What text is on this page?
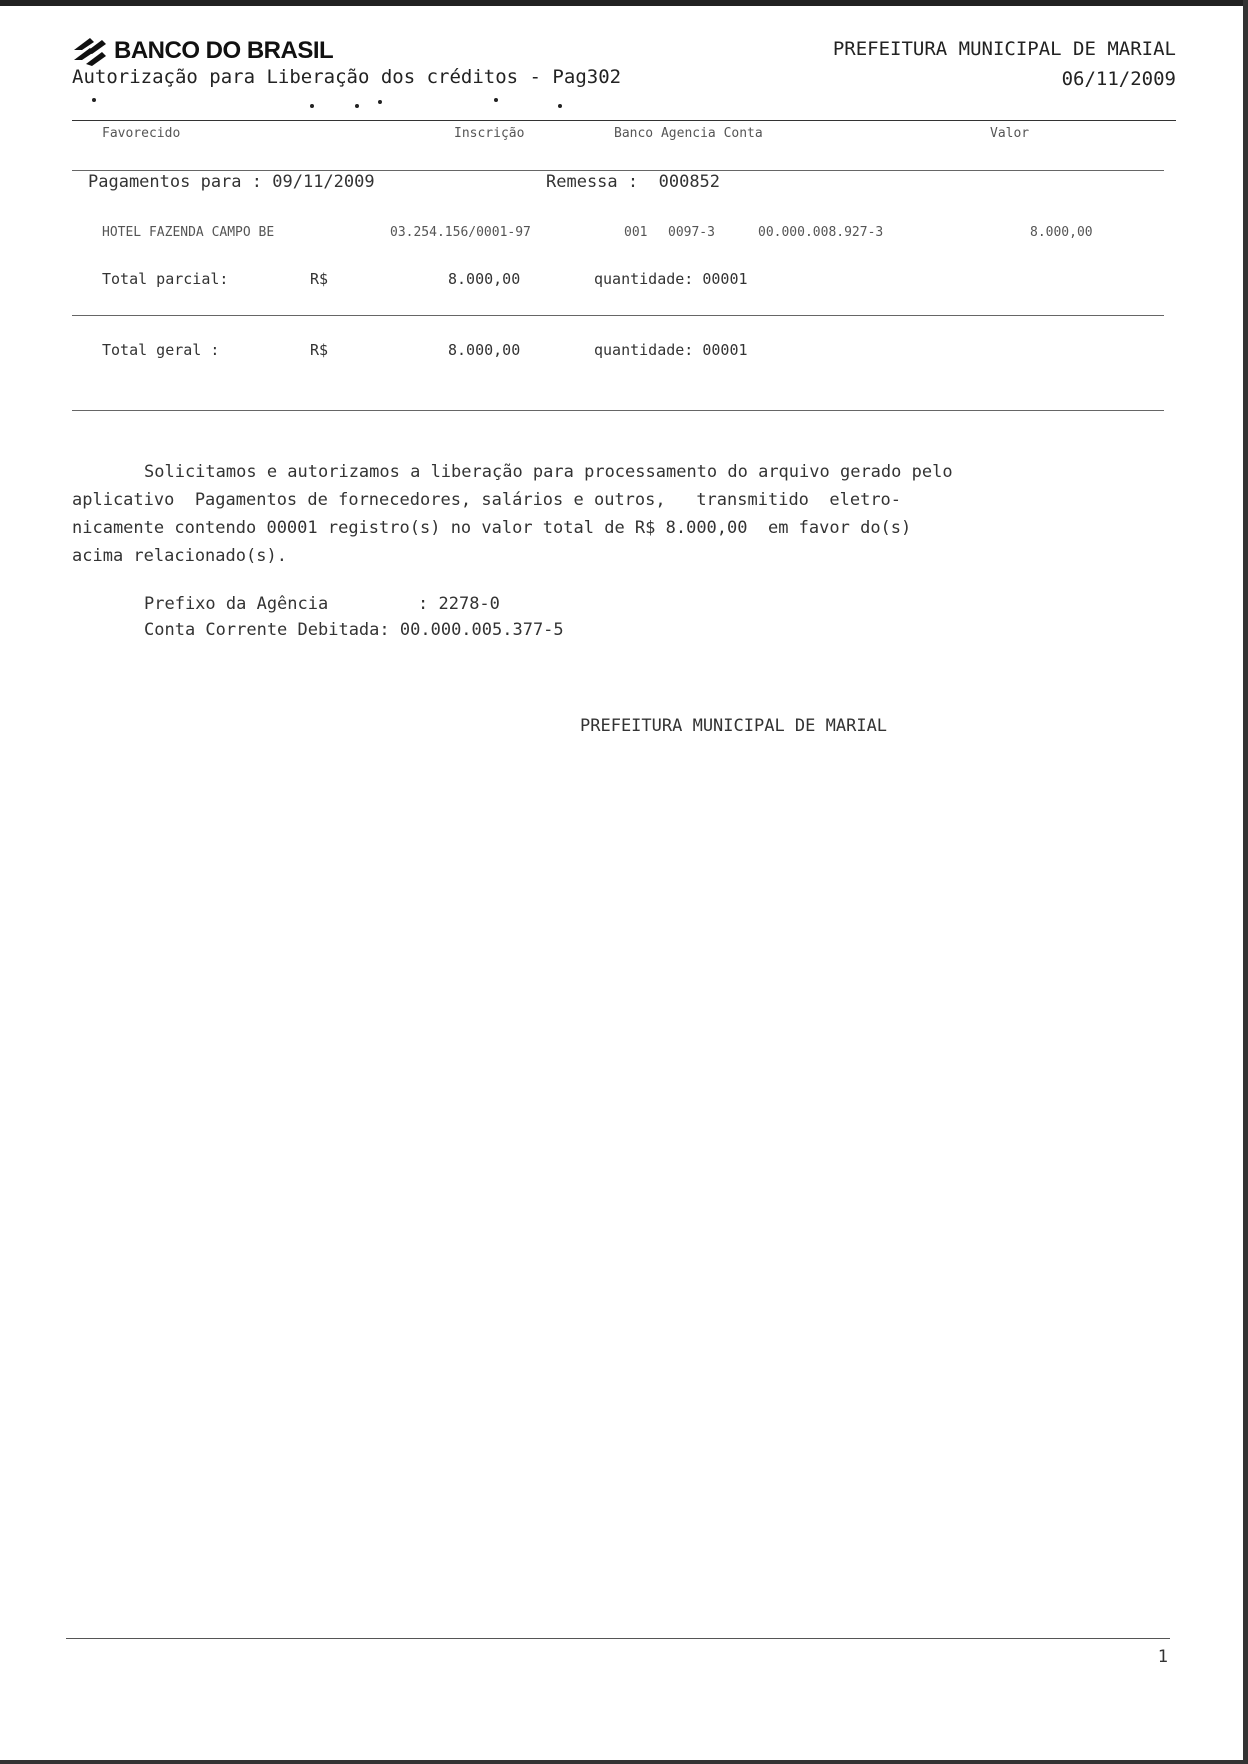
BANCO DO BRASIL
Autorização para Liberação dos créditos - Pag302
PREFEITURA MUNICIPAL DE MARIAL
06/11/2009
Favorecido	Inscrição	Banco Agencia Conta	Valor
Pagamentos para : 09/11/2009	Remessa :  000852
HOTEL FAZENDA CAMPO BE	03.254.156/0001-97	001 0097-3	00.000.008.927-3	8.000,00
Total parcial:	R$	8.000,00	quantidade: 00001
Total geral :	R$	8.000,00	quantidade: 00001
Solicitamos e autorizamos a liberação para processamento do arquivo gerado pelo
aplicativo  Pagamentos de fornecedores, salários e outros,   transmitido  eletro-
nicamente contendo 00001 registro(s) no valor total de R$ 8.000,00  em favor do(s)
acima relacionado(s).
Prefixo da Agência	: 2278-0
Conta Corrente Debitada: 00.000.005.377-5
PREFEITURA MUNICIPAL DE MARIAL
1
